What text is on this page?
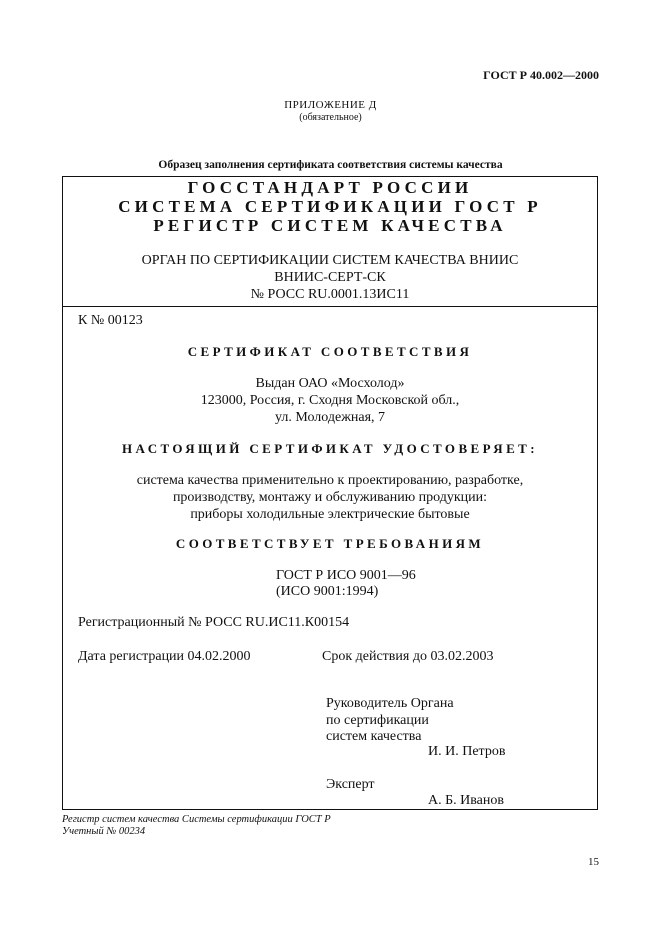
ГОСТ Р 40.002—2000
ПРИЛОЖЕНИЕ Д
(обязательное)
Образец заполнения сертификата соответствия системы качества
ГОССТАНДАРТ РОССИИ
СИСТЕМА СЕРТИФИКАЦИИ ГОСТ Р
РЕГИСТР СИСТЕМ КАЧЕСТВА
ОРГАН ПО СЕРТИФИКАЦИИ СИСТЕМ КАЧЕСТВА ВНИИС
ВНИИС-СЕРТ-СК
№ РОСС RU.0001.13ИС11
К № 00123
СЕРТИФИКАТ СООТВЕТСТВИЯ
Выдан ОАО «Мосхолод»
123000, Россия, г. Сходня Московской обл.,
ул. Молодежная, 7
НАСТОЯЩИЙ СЕРТИФИКАТ УДОСТОВЕРЯЕТ:
система качества применительно к проектированию, разработке,
производству, монтажу и обслуживанию продукции:
приборы холодильные электрические бытовые
СООТВЕТСТВУЕТ ТРЕБОВАНИЯМ
ГОСТ Р ИСО 9001—96
(ИСО 9001:1994)
Регистрационный № РОСС RU.ИС11.К00154
Дата регистрации 04.02.2000	Срок действия до 03.02.2003
Руководитель Органа
по сертификации
систем качества
И. И. Петров
Эксперт
А. Б. Иванов
Регистр систем качества Системы сертификации ГОСТ Р
Учетный № 00234
15
